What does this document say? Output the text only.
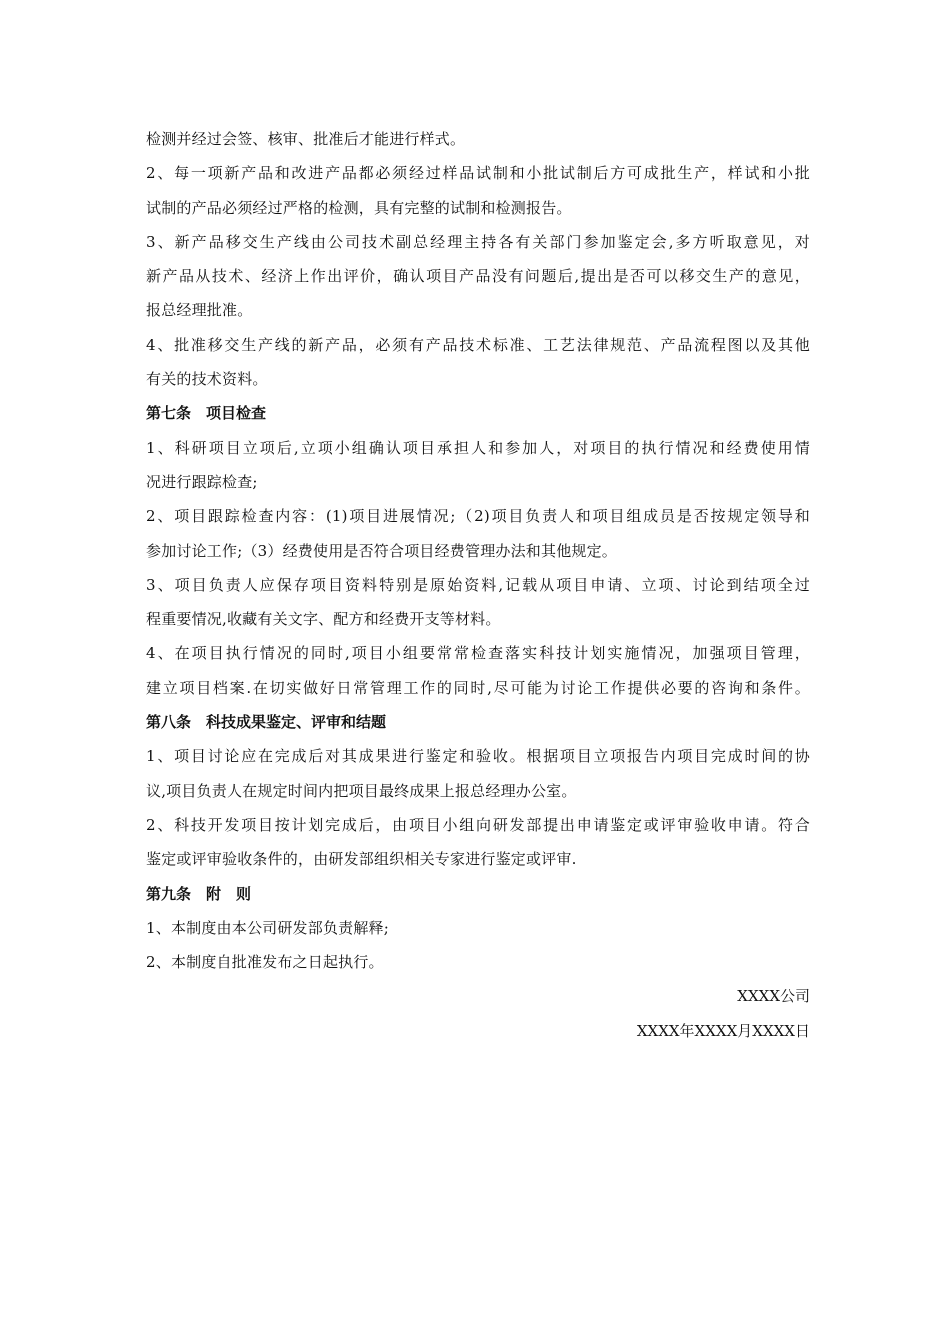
检测并经过会签、核审、批准后才能进行样式。
2、每一项新产品和改进产品都必须经过样品试制和小批试制后方可成批生产，样试和小批
试制的产品必须经过严格的检测，具有完整的试制和检测报告。
3、新产品移交生产线由公司技术副总经理主持各有关部门参加鉴定会,多方听取意见，对
新产品从技术、经济上作出评价，确认项目产品没有问题后,提出是否可以移交生产的意见，
报总经理批准。
4、批准移交生产线的新产品，必须有产品技术标准、工艺法律规范、产品流程图以及其他
有关的技术资料。
第七条　项目检查
1、科研项目立项后,立项小组确认项目承担人和参加人，对项目的执行情况和经费使用情
况进行跟踪检查;
2、项目跟踪检查内容：(1)项目进展情况;（2)项目负责人和项目组成员是否按规定领导和
参加讨论工作;（3）经费使用是否符合项目经费管理办法和其他规定。
3、项目负责人应保存项目资料特别是原始资料,记载从项目申请、立项、讨论到结项全过
程重要情况,收藏有关文字、配方和经费开支等材料。
4、在项目执行情况的同时,项目小组要常常检查落实科技计划实施情况，加强项目管理，
建立项目档案.在切实做好日常管理工作的同时,尽可能为讨论工作提供必要的咨询和条件。
第八条　科技成果鉴定、评审和结题
1、项目讨论应在完成后对其成果进行鉴定和验收。根据项目立项报告内项目完成时间的协
议,项目负责人在规定时间内把项目最终成果上报总经理办公室。
2、科技开发项目按计划完成后，由项目小组向研发部提出申请鉴定或评审验收申请。符合
鉴定或评审验收条件的，由研发部组织相关专家进行鉴定或评审.
第九条　附　则
1、本制度由本公司研发部负责解释;
2、本制度自批准发布之日起执行。
XXXX公司
XXXX年XXXX月XXXX日
